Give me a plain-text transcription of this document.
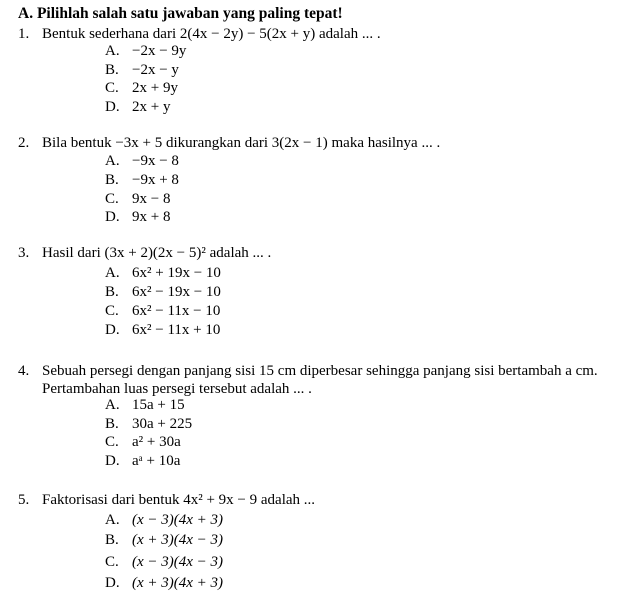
A. Pilihlah salah satu jawaban yang paling tepat!
1. Bentuk sederhana dari 2(4x − 2y) − 5(2x + y) adalah ... .
A. −2x − 9y
B. −2x − y
C. 2x + 9y
D. 2x + y
2. Bila bentuk −3x + 5 dikurangkan dari 3(2x − 1) maka hasilnya ... .
A. −9x − 8
B. −9x + 8
C. 9x − 8
D. 9x + 8
3. Hasil dari (3x + 2)(2x − 5)² adalah ... .
A. 6x² + 19x − 10
B. 6x² − 19x − 10
C. 6x² − 11x − 10
D. 6x² − 11x + 10
4. Sebuah persegi dengan panjang sisi 15 cm diperbesar sehingga panjang sisi bertambah a cm.
Pertambahan luas persegi tersebut adalah ... .
A. 15a + 15
B. 30a + 225
C. a² + 30a
D. aᵃ + 10a
5. Faktorisasi dari bentuk 4x² + 9x − 9 adalah ...
A. (x − 3)(4x + 3)
B. (x + 3)(4x − 3)
C. (x − 3)(4x − 3)
D. (x + 3)(4x + 3)
